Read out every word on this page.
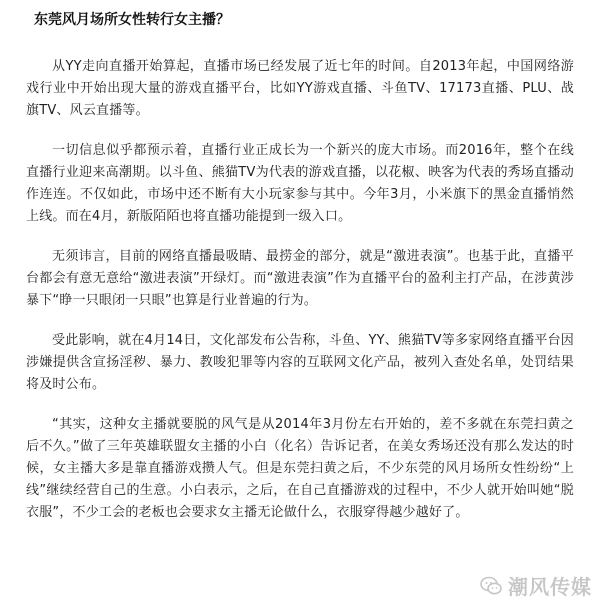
东莞风月场所女性转行女主播？

从YY走向直播开始算起，直播市场已经发展了近七年的时间。自2013年起，中国网络游戏行业中开始出现大量的游戏直播平台，比如YY游戏直播、斗鱼TV、17173直播、PLU、战旗TV、风云直播等。

一切信息似乎都预示着，直播行业正成长为一个新兴的庞大市场。而2016年，整个在线直播行业迎来高潮期。以斗鱼、熊猫TV为代表的游戏直播，以花椒、映客为代表的秀场直播动作连连。不仅如此，市场中还不断有大小玩家参与其中。今年3月，小米旗下的黑金直播悄然上线。而在4月，新版陌陌也将直播功能提到一级入口。

无须讳言，目前的网络直播最吸睛、最捞金的部分，就是“激进表演”。也基于此，直播平台都会有意无意给“激进表演”开绿灯。而“激进表演”作为直播平台的盈利主打产品，在涉黄涉暴下“睁一只眼闭一只眼”也算是行业普遍的行为。

受此影响，就在4月14日，文化部发布公告称，斗鱼、YY、熊猫TV等多家网络直播平台因涉嫌提供含宣扬淫秽、暴力、教唆犯罪等内容的互联网文化产品，被列入查处名单，处罚结果将及时公布。

“其实，这种女主播就要脱的风气是从2014年3月份左右开始的，差不多就在东莞扫黄之后不久。”做了三年英雄联盟女主播的小白（化名）告诉记者，在美女秀场还没有那么发达的时候，女主播大多是靠直播游戏攒人气。但是东莞扫黄之后，不少东莞的风月场所女性纷纷“上线”继续经营自己的生意。小白表示，之后，在自己直播游戏的过程中，不少人就开始叫她“脱衣服”，不少工会的老板也会要求女主播无论做什么，衣服穿得越少越好了。

潮风传媒
